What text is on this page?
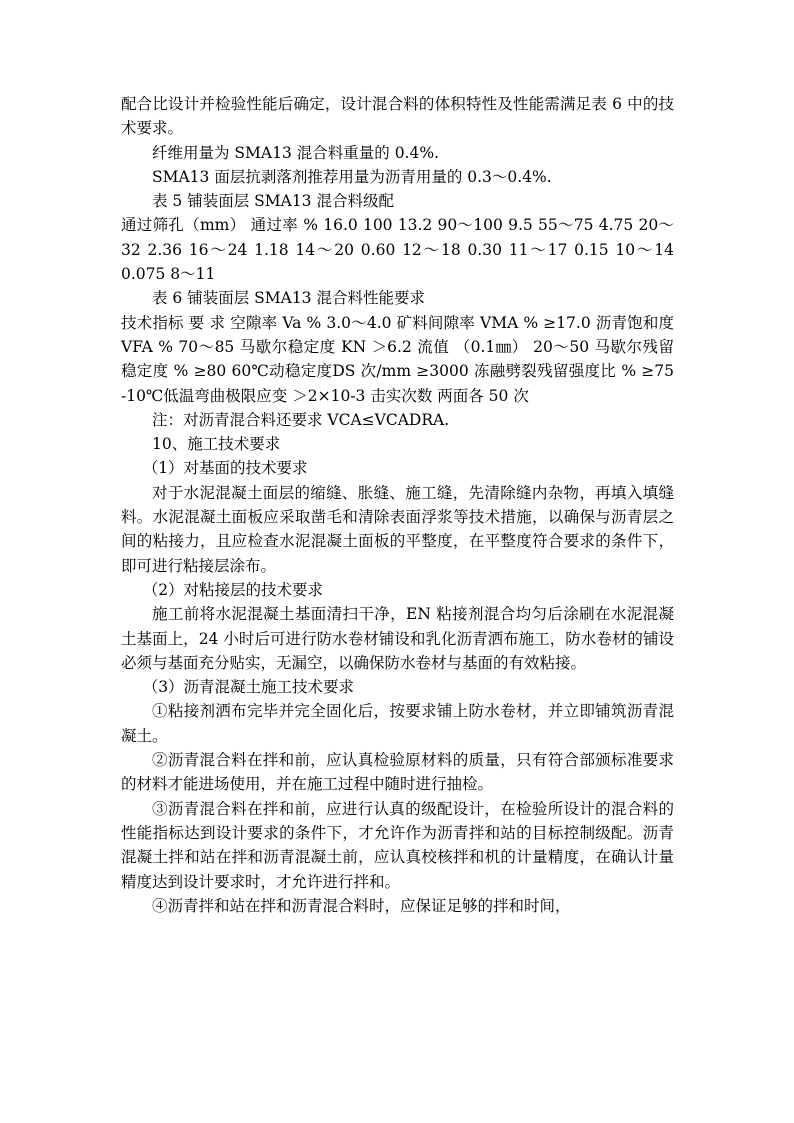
配合比设计并检验性能后确定，设计混合料的体积特性及性能需满足表 6 中的技术要求。

纤维用量为 SMA13 混合料重量的 0.4%.

SMA13 面层抗剥落剂推荐用量为沥青用量的 0.3～0.4%.

表 5 铺装面层 SMA13 混合料级配

通过筛孔（mm） 通过率 % 16.0 100 13.2 90～100 9.5 55～75 4.75 20～32 2.36 16～24 1.18 14～20 0.60 12～18 0.30 11～17 0.15 10～14 0.075 8～11

表 6 铺装面层 SMA13 混合料性能要求

技术指标 要 求 空隙率 Va % 3.0～4.0 矿料间隙率 VMA % ≥17.0 沥青饱和度 VFA % 70～85 马歇尔稳定度 KN ＞6.2 流值 （0.1㎜） 20～50 马歇尔残留稳定度 % ≥80 60℃动稳定度DS 次/mm ≥3000 冻融劈裂残留强度比 % ≥75 -10℃低温弯曲极限应变 ＞2×10-3 击实次数 两面各 50 次

注：对沥青混合料还要求 VCA≤VCADRA.

10、施工技术要求

（1）对基面的技术要求

对于水泥混凝土面层的缩缝、胀缝、施工缝，先清除缝内杂物，再填入填缝料。水泥混凝土面板应采取凿毛和清除表面浮浆等技术措施，以确保与沥青层之间的粘接力，且应检查水泥混凝土面板的平整度，在平整度符合要求的条件下，即可进行粘接层涂布。

（2）对粘接层的技术要求

施工前将水泥混凝土基面清扫干净，EN 粘接剂混合均匀后涂刷在水泥混凝土基面上，24 小时后可进行防水卷材铺设和乳化沥青洒布施工，防水卷材的铺设必须与基面充分贴实，无漏空，以确保防水卷材与基面的有效粘接。

（3）沥青混凝土施工技术要求

①粘接剂洒布完毕并完全固化后，按要求铺上防水卷材，并立即铺筑沥青混凝土。

②沥青混合料在拌和前，应认真检验原材料的质量，只有符合部颁标准要求的材料才能进场使用，并在施工过程中随时进行抽检。

③沥青混合料在拌和前，应进行认真的级配设计，在检验所设计的混合料的性能指标达到设计要求的条件下，才允许作为沥青拌和站的目标控制级配。沥青混凝土拌和站在拌和沥青混凝土前，应认真校核拌和机的计量精度，在确认计量精度达到设计要求时，才允许进行拌和。

④沥青拌和站在拌和沥青混合料时，应保证足够的拌和时间，
